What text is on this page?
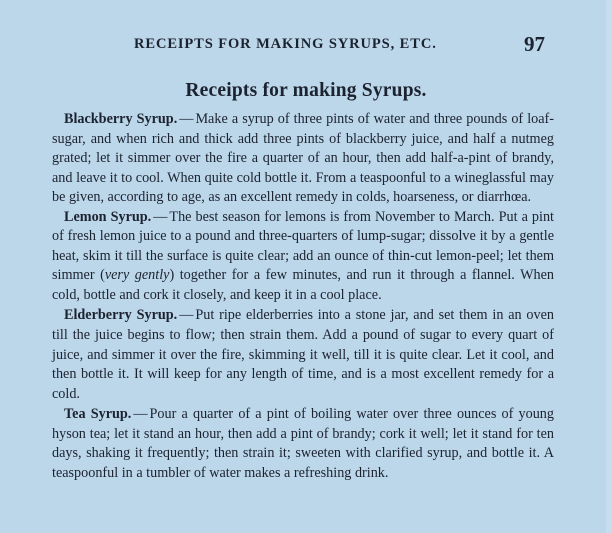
RECEIPTS FOR MAKING SYRUPS, ETC.	97
Receipts for making Syrups.

Blackberry Syrup. — Make a syrup of three pints of water and three pounds of loaf-sugar, and when rich and thick add three pints of blackberry juice, and half a nutmeg grated; let it simmer over the fire a quarter of an hour, then add half-a-pint of brandy, and leave it to cool. When quite cold bottle it. From a teaspoonful to a wineglassful may be given, according to age, as an excellent remedy in colds, hoarseness, or diarrhœa.

Lemon Syrup. — The best season for lemons is from November to March. Put a pint of fresh lemon juice to a pound and three-quarters of lump-sugar; dissolve it by a gentle heat, skim it till the surface is quite clear; add an ounce of thin-cut lemon-peel; let them simmer (very gently) together for a few minutes, and run it through a flannel. When cold, bottle and cork it closely, and keep it in a cool place.

Elderberry Syrup. — Put ripe elderberries into a stone jar, and set them in an oven till the juice begins to flow; then strain them. Add a pound of sugar to every quart of juice, and simmer it over the fire, skimming it well, till it is quite clear. Let it cool, and then bottle it. It will keep for any length of time, and is a most excellent remedy for a cold.

Tea Syrup. — Pour a quarter of a pint of boiling water over three ounces of young hyson tea; let it stand an hour, then add a pint of brandy; cork it well; let it stand for ten days, shaking it frequently; then strain it; sweeten with clarified syrup, and bottle it. A teaspoonful in a tumbler of water makes a refreshing drink.
